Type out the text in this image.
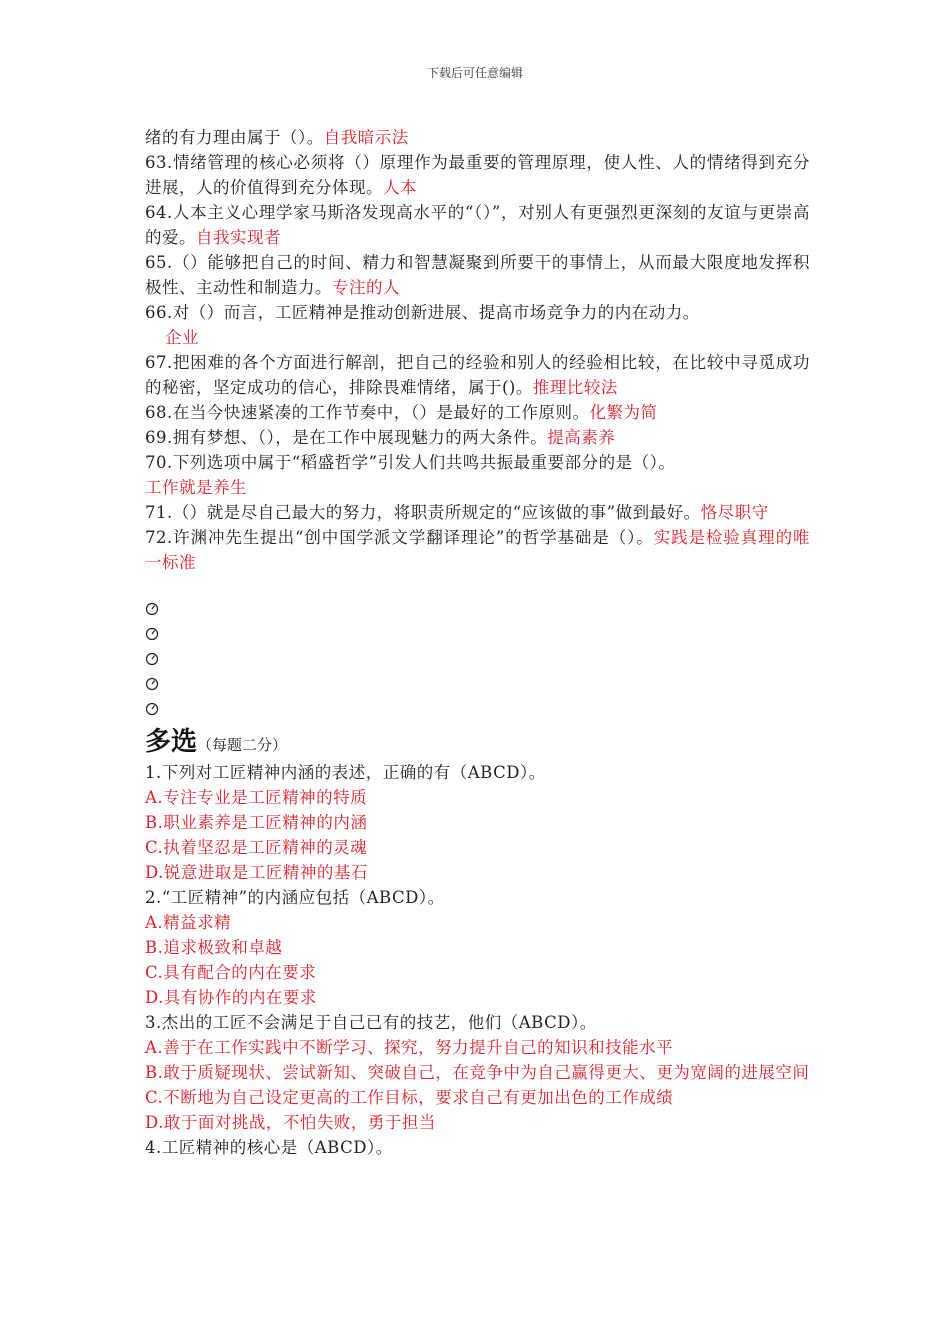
下载后可任意编辑

绪的有力理由属于（）。自我暗示法

63.情绪管理的核心必须将（）原理作为最重要的管理原理，使人性、人的情绪得到充分进展，人的价值得到充分体现。人本

64.人本主义心理学家马斯洛发现高水平的“（）”，对别人有更强烈更深刻的友谊与更崇高的爱。自我实现者

65.（）能够把自己的时间、精力和智慧凝聚到所要干的事情上，从而最大限度地发挥积极性、主动性和制造力。专注的人

66.对（）而言，工匠精神是推动创新进展、提高市场竞争力的内在动力。

企业

67.把困难的各个方面进行解剖，把自己的经验和别人的经验相比较，在比较中寻觅成功的秘密，坚定成功的信心，排除畏难情绪，属于()。推理比较法

68.在当今快速紧凑的工作节奏中，（）是最好的工作原则。化繁为简

69.拥有梦想、（），是在工作中展现魅力的两大条件。提高素养

70.下列选项中属于“稻盛哲学”引发人们共鸣共振最重要部分的是（）。

工作就是养生

71.（）就是尽自己最大的努力，将职责所规定的“应该做的事”做到最好。恪尽职守

72.许渊冲先生提出“创中国学派文学翻译理论”的哲学基础是（）。实践是检验真理的唯一标准

多选（每题二分）

1.下列对工匠精神内涵的表述，正确的有（ABCD）。

A.专注专业是工匠精神的特质

B.职业素养是工匠精神的内涵

C.执着坚忍是工匠精神的灵魂

D.锐意进取是工匠精神的基石

2.“工匠精神”的内涵应包括（ABCD）。

A.精益求精

B.追求极致和卓越

C.具有配合的内在要求

D.具有协作的内在要求

3.杰出的工匠不会满足于自己已有的技艺，他们（ABCD）。

A.善于在工作实践中不断学习、探究，努力提升自己的知识和技能水平

B.敢于质疑现状、尝试新知、突破自己，在竞争中为自己赢得更大、更为宽阔的进展空间

C.不断地为自己设定更高的工作目标，要求自己有更加出色的工作成绩

D.敢于面对挑战，不怕失败，勇于担当

4.工匠精神的核心是（ABCD）。
